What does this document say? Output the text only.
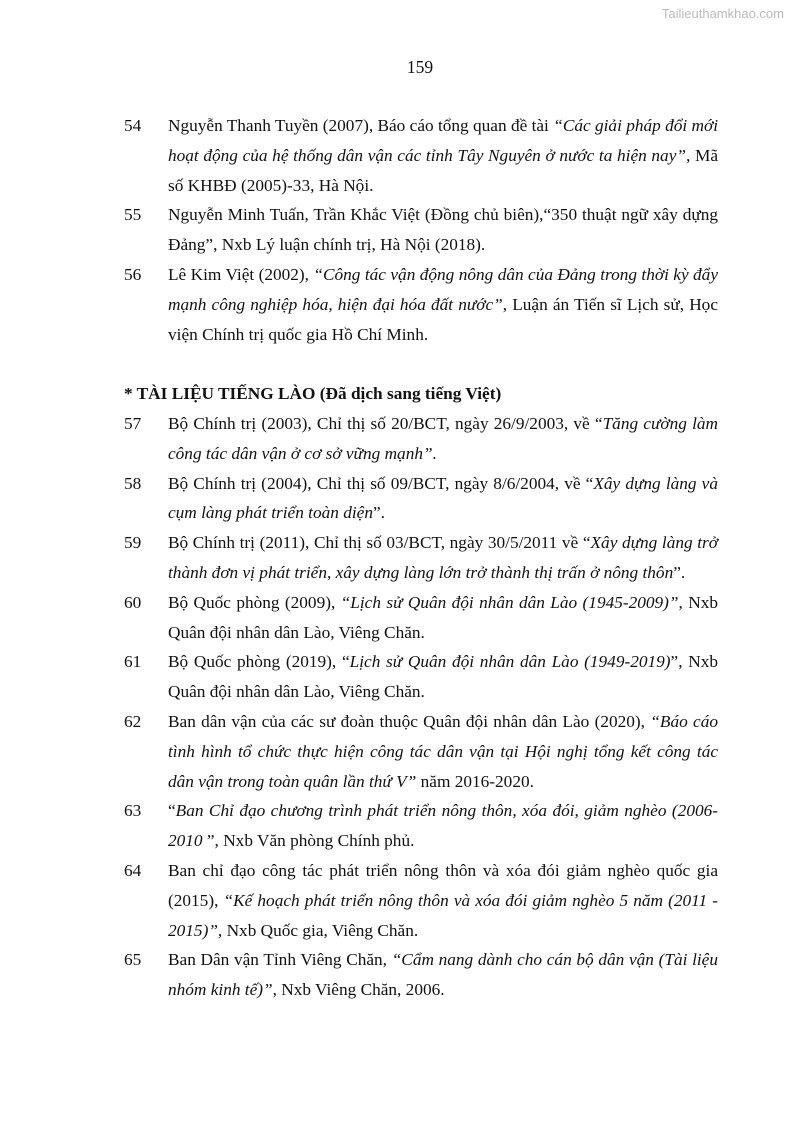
Tailieuthamkhao.com
159
54 Nguyễn Thanh Tuyền (2007), Báo cáo tổng quan đề tài “Các giải pháp đổi mới hoạt động của hệ thống dân vận các tỉnh Tây Nguyên ở nước ta hiện nay”, Mã số KHBĐ (2005)-33, Hà Nội.
55 Nguyễn Minh Tuấn, Trần Khắc Việt (Đồng chủ biên),“350 thuật ngữ xây dựng Đảng”, Nxb Lý luận chính trị, Hà Nội (2018).
56 Lê Kim Việt (2002), “Công tác vận động nông dân của Đảng trong thời kỳ đẩy mạnh công nghiệp hóa, hiện đại hóa đất nước”, Luận án Tiến sĩ Lịch sử, Học viện Chính trị quốc gia Hồ Chí Minh.
* TÀI LIỆU TIẾNG LÀO (Đã dịch sang tiếng Việt)
57 Bộ Chính trị (2003), Chỉ thị số 20/BCT, ngày 26/9/2003, về “Tăng cường làm công tác dân vận ở cơ sở vững mạnh”.
58 Bộ Chính trị (2004), Chỉ thị số 09/BCT, ngày 8/6/2004, về “Xây dựng làng và cụm làng phát triển toàn diện”.
59 Bộ Chính trị (2011), Chỉ thị số 03/BCT, ngày 30/5/2011 về “Xây dựng làng trở thành đơn vị phát triển, xây dựng làng lớn trở thành thị trấn ở nông thôn”.
60 Bộ Quốc phòng (2009), “Lịch sử Quân đội nhân dân Lào (1945-2009)”, Nxb Quân đội nhân dân Lào, Viêng Chăn.
61 Bộ Quốc phòng (2019), “Lịch sử Quân đội nhân dân Lào (1949-2019)”, Nxb Quân đội nhân dân Lào, Viêng Chăn.
62 Ban dân vận của các sư đoàn thuộc Quân đội nhân dân Lào (2020), “Báo cáo tình hình tổ chức thực hiện công tác dân vận tại Hội nghị tổng kết công tác dân vận trong toàn quân lần thứ V” năm 2016-2020.
63 “Ban Chỉ đạo chương trình phát triển nông thôn, xóa đói, giảm nghèo (2006-2010 ”, Nxb Văn phòng Chính phủ.
64 Ban chỉ đạo công tác phát triển nông thôn và xóa đói giảm nghèo quốc gia (2015), “Kế hoạch phát triển nông thôn và xóa đói giảm nghèo 5 năm (2011 - 2015)”, Nxb Quốc gia, Viêng Chăn.
65 Ban Dân vận Tỉnh Viêng Chăn, “Cẩm nang dành cho cán bộ dân vận (Tài liệu nhóm kinh tế)”, Nxb Viêng Chăn, 2006.
